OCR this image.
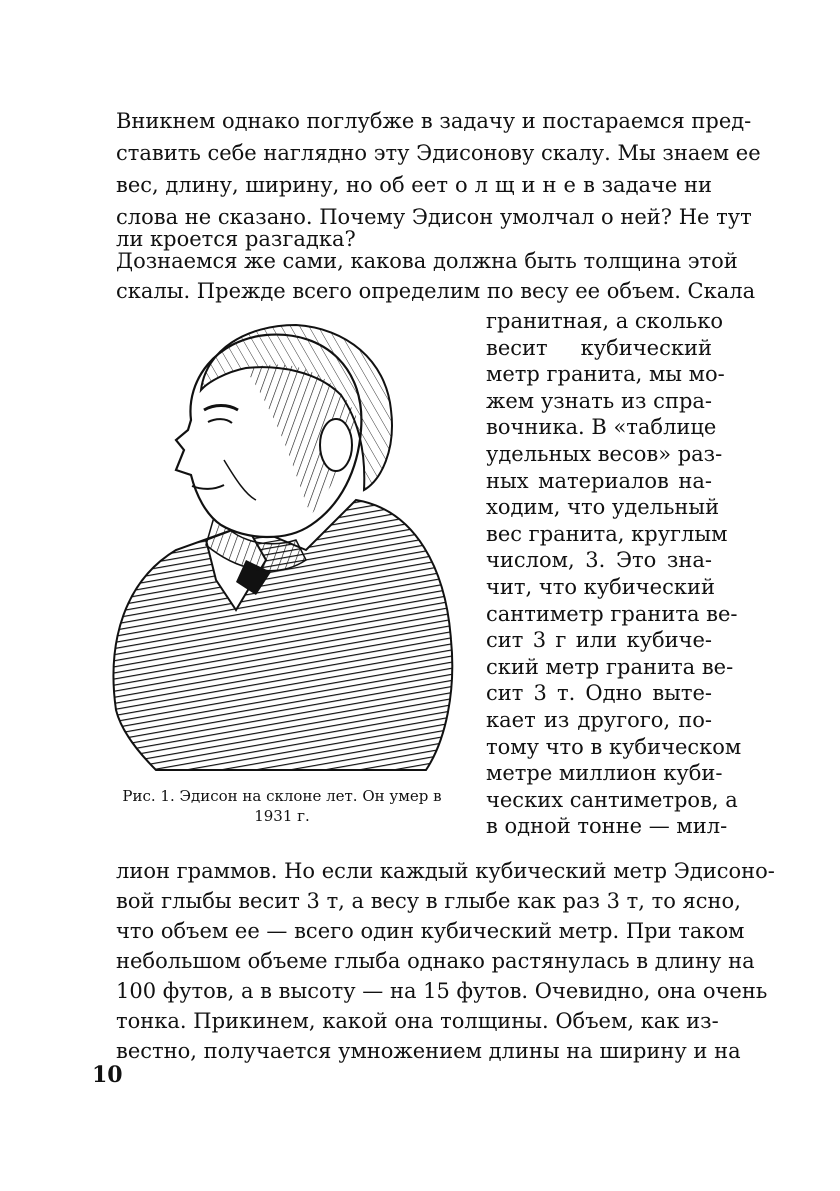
Вникнем однако поглубже в задачу и постараемся пред-
ставить себе наглядно эту Эдисонову скалу. Мы знаем ее
вес, длину, ширину, но об ее толщине в задаче ни
слова не сказано. Почему Эдисон умолчал о ней? Не тут
ли кроется разгадка?
Дознаемся же сами, какова должна быть толщина этой
скалы. Прежде всего определим по весу ее объем. Скала
гранитная, а сколько
весит кубический
метр гранита, мы мо-
жем узнать из спра-
вочника. В «таблице
удельных весов» раз-
ных материалов на-
ходим, что удельный
вес гранита, круглым
числом, 3. Это зна-
чит, что кубический
сантиметр гранита ве-
сит 3 г или кубиче-
ский метр гранита ве-
сит 3 т. Одно выте-
кает из другого, по-
тому что в кубическом
метре миллион куби-
ческих сантиметров, а
в одной тонне — мил-
лион граммов. Но если каждый кубический метр Эдисоно-
вой глыбы весит 3 т, а весу в глыбе как раз 3 т, то ясно,
что объем ее — всего один кубический метр. При таком
небольшом объеме глыба однако растянулась в длину на
100 футов, а в высоту — на 15 футов. Очевидно, она очень
тонка. Прикинем, какой она толщины. Объем, как из-
вестно, получается умножением длины на ширину и на
Рис. 1. Эдисон на склоне лет. Он умер в
1931 г.
10
